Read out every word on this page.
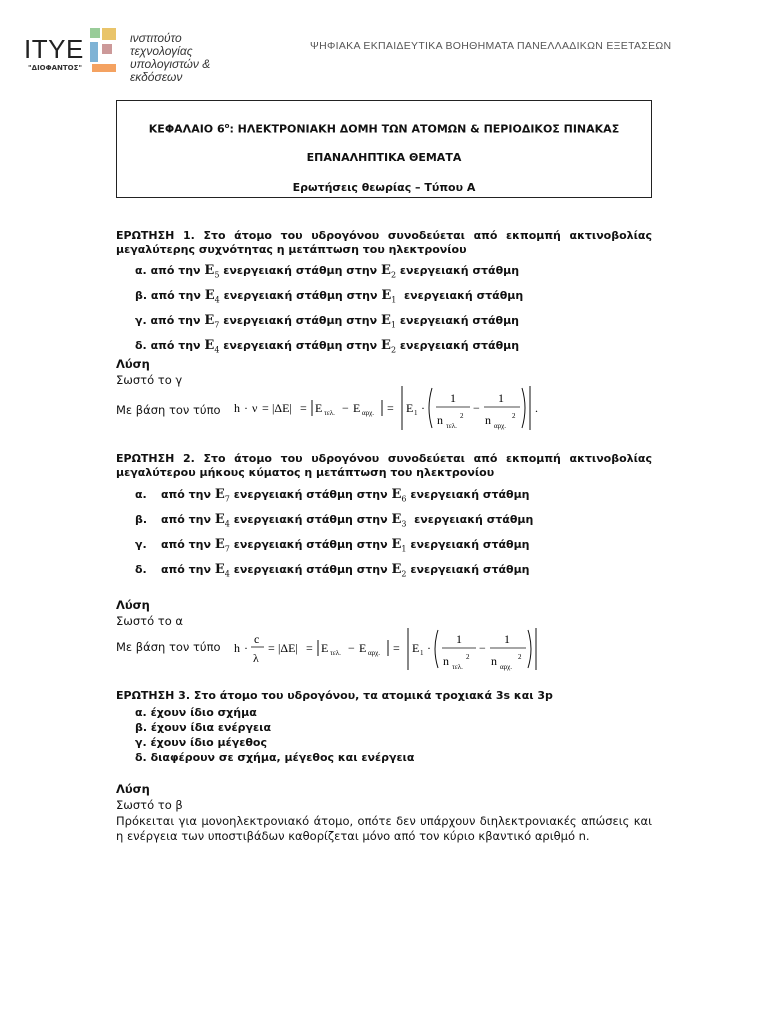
ΙΤΥΕ
"ΔΙΟΦΑΝΤΟΣ"
ινστιτούτο
τεχνολογίας
υπολογιστών & εκδόσεων
ΨΗΦΙΑΚΑ ΕΚΠΑΙΔΕΥΤΙΚΑ ΒΟΗΘΗΜΑΤΑ ΠΑΝΕΛΛΑΔΙΚΩΝ ΕΞΕΤΑΣΕΩΝ
ΚΕΦΑΛΑΙΟ $6^o$: ΗΛΕΚΤΡΟΝΙΑΚΗ ΔΟΜΗ ΤΩΝ ΑΤΟΜΩΝ & ΠΕΡΙΟΔΙΚΟΣ ΠΙΝΑΚΑΣ
ΕΠΑΝΑΛΗΠΤΙΚΑ ΘΕΜΑΤΑ
Ερωτήσεις θεωρίας – Τύπου Α
ΕΡΩΤΗΣΗ 1. Στο άτομο του υδρογόνου συνοδεύεται από εκπομπή ακτινοβολίας μεγαλύτερης συχνότητας η μετάπτωση του ηλεκτρονίου
α. από την $E_5$ ενεργειακή στάθμη στην $E_2$ ενεργειακή στάθμη
β. από την $E_4$ ενεργειακή στάθμη στην $E_1$ ενεργειακή στάθμη
γ. από την $E_7$ ενεργειακή στάθμη στην $E_1$ ενεργειακή στάθμη
δ. από την $E_4$ ενεργειακή στάθμη στην $E_2$ ενεργειακή στάθμη
Λύση
Σωστό το γ
Με βάση τον τύπο h · ν = |ΔE| = E τελ. − E αρχ. = E 1 ·
1
n τελ.
2
−
1
n αρχ.
2
.
ΕΡΩΤΗΣΗ 2. Στο άτομο του υδρογόνου συνοδεύεται από εκπομπή ακτινοβολίας μεγαλύτερου μήκους κύματος η μετάπτωση του ηλεκτρονίου
α. από την $E_7$ ενεργειακή στάθμη στην $E_6$ ενεργειακή στάθμη
β. από την $E_4$ ενεργειακή στάθμη στην $E_3$ ενεργειακή στάθμη
γ. από την $E_7$ ενεργειακή στάθμη στην $E_1$ ενεργειακή στάθμη
δ. από την $E_4$ ενεργειακή στάθμη στην $E_2$ ενεργειακή στάθμη
Λύση
Σωστό το α
Με βάση τον τύπο h ·
c
λ
= |ΔE| = E τελ. − E αρχ. = E 1 ·
1
n τελ.
2
−
1
n αρχ.
2
ΕΡΩΤΗΣΗ 3. Στο άτομο του υδρογόνου, τα ατομικά τροχιακά 3s και 3p
α. έχουν ίδιο σχήμα
β. έχουν ίδια ενέργεια
γ. έχουν ίδιο μέγεθος
δ. διαφέρουν σε σχήμα, μέγεθος και ενέργεια
Λύση
Σωστό το β
Πρόκειται για μονοηλεκτρονιακό άτομο, οπότε δεν υπάρχουν διηλεκτρονιακές απώσεις και η ενέργεια των υποστιβάδων καθορίζεται μόνο από τον κύριο κβαντικό αριθμό n.
